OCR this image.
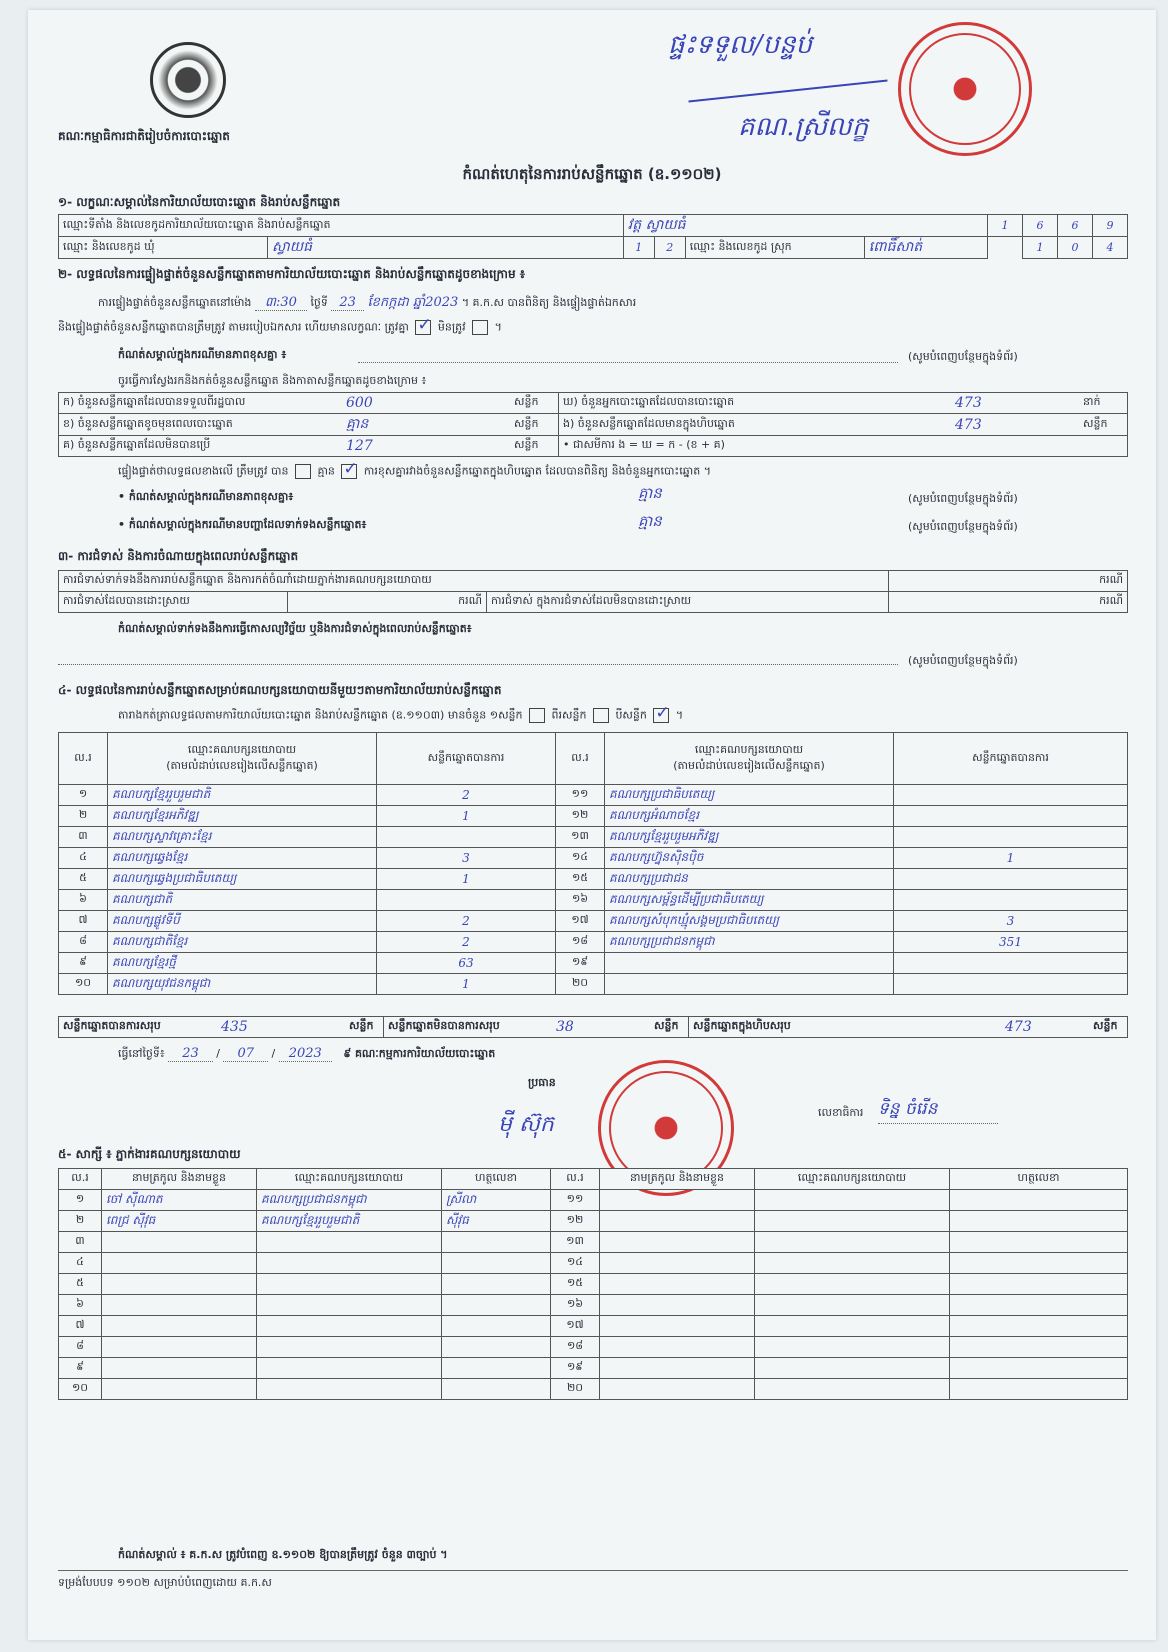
គណៈកម្មាធិការជាតិរៀបចំការបោះឆ្នោត
ផ្ទះទទួល/បន្ទប់
គណ.ស្រីលក្ខ
កំណត់ហេតុនៃការរាប់សន្លឹកឆ្នោត (ឧ.១១០២)
១- លក្ខណៈសម្គាល់នៃការិយាល័យបោះឆ្នោត និងរាប់សន្លឹកឆ្នោត
ឈ្មោះទីតាំង និងលេខកូដការិយាល័យបោះឆ្នោត និងរាប់សន្លឹកឆ្នោត		វត្ត ស្វាយធំ				1	6	6	9
ឈ្មោះ និងលេខកូដ ឃុំ	ស្វាយធំ	1	2	ឈ្មោះ និងលេខកូដ ស្រុក	ពោធិ៍សាត់		1	0	4
២- លទ្ធផលនៃការផ្ទៀងផ្ទាត់ចំនួនសន្លឹកឆ្នោតតាមការិយាល័យបោះឆ្នោត និងរាប់សន្លឹកឆ្នោតដូចខាងក្រោម ៖
ការផ្ទៀងផ្ទាត់ចំនួនសន្លឹកឆ្នោតនៅម៉ោង ៣:30 ថ្ងៃទី 23 ខែកក្កដា ឆ្នាំ2023 ។ គ.ក.ស បានពិនិត្យ និងផ្ទៀងផ្ទាត់ឯកសារ
និងផ្ទៀងផ្ទាត់ចំនួនសន្លឹកឆ្នោតបានត្រឹមត្រូវ តាមរបៀបឯកសារ ហើយមានលក្ខណៈ ត្រូវគ្នា ✓	មិនត្រូវ  ។
កំណត់សម្គាល់ក្នុងករណីមានភាពខុសគ្នា ៖	(សូមបំពេញបន្ថែមក្នុងទំព័រ)
ចូរធ្វើការស្វែងរកនិងកត់ចំនួនសន្លឹកឆ្នោត និងកាតាសន្លឹកឆ្នោតដូចខាងក្រោម ៖
ក) ចំនួនសន្លឹកឆ្នោតដែលបានទទួលពីរដ្ឋបាល	600	សន្លឹក	ឃ) ចំនួនអ្នកបោះឆ្នោតដែលបានបោះឆ្នោត	473	នាក់
ខ) ចំនួនសន្លឹកឆ្នោតខូចមុនពេលបោះឆ្នោត	គ្មាន	សន្លឹក	ង) ចំនួនសន្លឹកឆ្នោតដែលមានក្នុងហិបឆ្នោត	473	សន្លឹក
គ) ចំនួនសន្លឹកឆ្នោតដែលមិនបានប្រើ	127	សន្លឹក	• ជាសមីការ ង = ឃ = ក - (ខ + គ)		
ផ្ទៀងផ្ទាត់ថាលទ្ធផលខាងលើ ត្រឹមត្រូវ បាន	គ្មាន ✓	ការខុសគ្នារវាងចំនួនសន្លឹកឆ្នោតក្នុងហិបឆ្នោត ដែលបានពិនិត្យ និងចំនួនអ្នកបោះឆ្នោត ។
• កំណត់សម្គាល់ក្នុងករណីមានភាពខុសគ្នា៖	គ្មាន	(សូមបំពេញបន្ថែមក្នុងទំព័រ)
• កំណត់សម្គាល់ក្នុងករណីមានបញ្ហាដែលទាក់ទងសន្លឹកឆ្នោត៖	គ្មាន	(សូមបំពេញបន្ថែមក្នុងទំព័រ)
៣- ការជំទាស់ និងការចំណាយក្នុងពេលរាប់សន្លឹកឆ្នោត
ការជំទាស់ទាក់ទងនឹងការរាប់សន្លឹកឆ្នោត និងការកត់ចំណាំដោយភ្នាក់ងារគណបក្សនយោបាយ			ករណី
ការជំទាស់ដែលបានដោះស្រាយ	ករណី	ការជំទាស់ ក្នុងការជំទាស់ដែលមិនបានដោះស្រាយ	ករណី
កំណត់សម្គាល់ទាក់ទងនឹងការធ្វើកោសល្យវិច្ច័យ ឬនិងការជំទាស់ក្នុងពេលរាប់សន្លឹកឆ្នោត៖
(សូមបំពេញបន្ថែមក្នុងទំព័រ)
៤- លទ្ធផលនៃការរាប់សន្លឹកឆ្នោតសម្រាប់គណបក្សនយោបាយនីមួយៗតាមការិយាល័យរាប់សន្លឹកឆ្នោត
តារាងកត់ត្រាលទ្ធផលតាមការិយាល័យបោះឆ្នោត និងរាប់សន្លឹកឆ្នោត (ឧ.១១០៣) មានចំនួន ១សន្លឹក	ពីរសន្លឹក	បីសន្លឹក ✓ ។
ល.រ	ឈ្មោះគណបក្សនយោបាយ
(តាមលំដាប់លេខរៀងលើសន្លឹកឆ្នោត)	សន្លឹកឆ្នោតបានការ	ល.រ	ឈ្មោះគណបក្សនយោបាយ
(តាមលំដាប់លេខរៀងលើសន្លឹកឆ្នោត)	សន្លឹកឆ្នោតបានការ
១	គណបក្សខ្មែររួបរួមជាតិ	2	១១	គណបក្សប្រជាធិបតេយ្យ	
២	គណបក្សខ្មែរអភិវឌ្ឍ	1	១២	គណបក្សអំណាចខ្មែរ	
៣	គណបក្សស្ទាវគ្រោះខ្មែរ		១៣	គណបក្សខ្មែររួបរួមអភិវឌ្ឍ	
៤	គណបក្សឆ្វេងខ្មែរ	3	១៤	គណបក្សហ្វ៊ុនស៊ិនប៉ិច	1
៥	គណបក្សឆ្វេងប្រជាធិបតេយ្យ	1	១៥	គណបក្សប្រជាជន	
៦	គណបក្សជាតិ		១៦	គណបក្សសម្ព័ន្ធដើម្បីប្រជាធិបតេយ្យ	
៧	គណបក្សផ្លូវទីបី	2	១៧	គណបក្សសំបុកឃ្មុំសង្គមប្រជាធិបតេយ្យ	3
៨	គណបក្សជាតិខ្មែរ	2	១៨	គណបក្សប្រជាជនកម្ពុជា	351
៩	គណបក្សខ្មែរថ្មី	63	១៩		
១០	គណបក្សយុវជនកម្ពុជា	1	២០		
សន្លឹកឆ្នោតបានការសរុប	435	សន្លឹក	សន្លឹកឆ្នោតមិនបានការសរុប	38	សន្លឹក	សន្លឹកឆ្នោតក្នុងហិបសរុប	473	សន្លឹក
ធ្វើនៅថ្ងៃទី៖ 23 / 07 / 2023 ៩ គណៈកម្មការការិយាល័យបោះឆ្នោត
ប្រធាន
ម៉ី ស៊ុក	លេខាធិការ ទិន្ន ចំរើន
៥- សាក្សី ៖ ភ្នាក់ងារគណបក្សនយោបាយ
ល.រ	នាមត្រកូល និងនាមខ្លួន	ឈ្មោះគណបក្សនយោបាយ	ហត្ថលេខា	ល.រ	នាមត្រកូល និងនាមខ្លួន	ឈ្មោះគណបក្សនយោបាយ	ហត្ថលេខា
១	ចៅ ស៊ីណាត	គណបក្សប្រជាជនកម្ពុជា	ស្រីលា	១១			
២	ពេជ្រ ស៊ីវុធ	គណបក្សខ្មែររួបរួមជាតិ	ស៊ីវុធ	១២			
៣				១៣			
៤				១៤			
៥				១៥			
៦				១៦			
៧				១៧			
៨				១៨			
៩				១៩			
១០				២០			
កំណត់សម្គាល់ ៖ គ.ក.ស ត្រូវបំពេញ ឧ.១១០២ ឱ្យបានត្រឹមត្រូវ ចំនួន ៣ច្បាប់ ។
ទម្រង់បែបបទ ១១០២ សម្រាប់បំពេញដោយ គ.ក.ស
